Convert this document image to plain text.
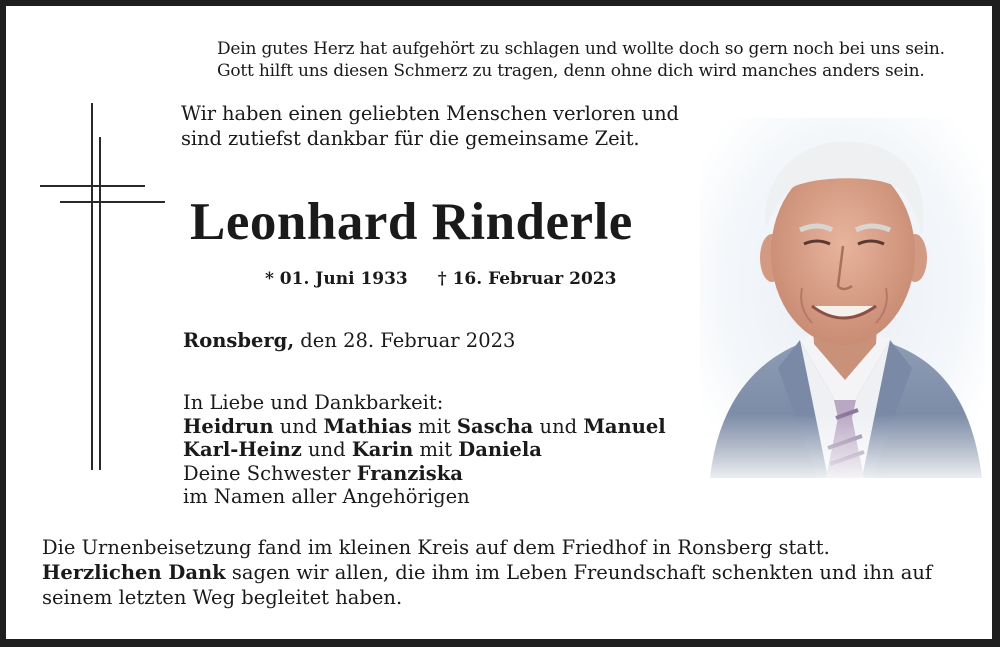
Dein gutes Herz hat aufgehört zu schlagen und wollte doch so gern noch bei uns sein.
Gott hilft uns diesen Schmerz zu tragen, denn ohne dich wird manches anders sein.
Wir haben einen geliebten Menschen verloren und
sind zutiefst dankbar für die gemeinsame Zeit.
Leonhard Rinderle
* 01. Juni 1933 † 16. Februar 2023
Ronsberg, den 28. Februar 2023
In Liebe und Dankbarkeit:
Heidrun und Mathias mit Sascha und Manuel
Karl-Heinz und Karin mit Daniela
Deine Schwester Franziska
im Namen aller Angehörigen
Die Urnenbeisetzung fand im kleinen Kreis auf dem Friedhof in Ronsberg statt.
Herzlichen Dank sagen wir allen, die ihm im Leben Freundschaft schenkten und ihn auf
seinem letzten Weg begleitet haben.
